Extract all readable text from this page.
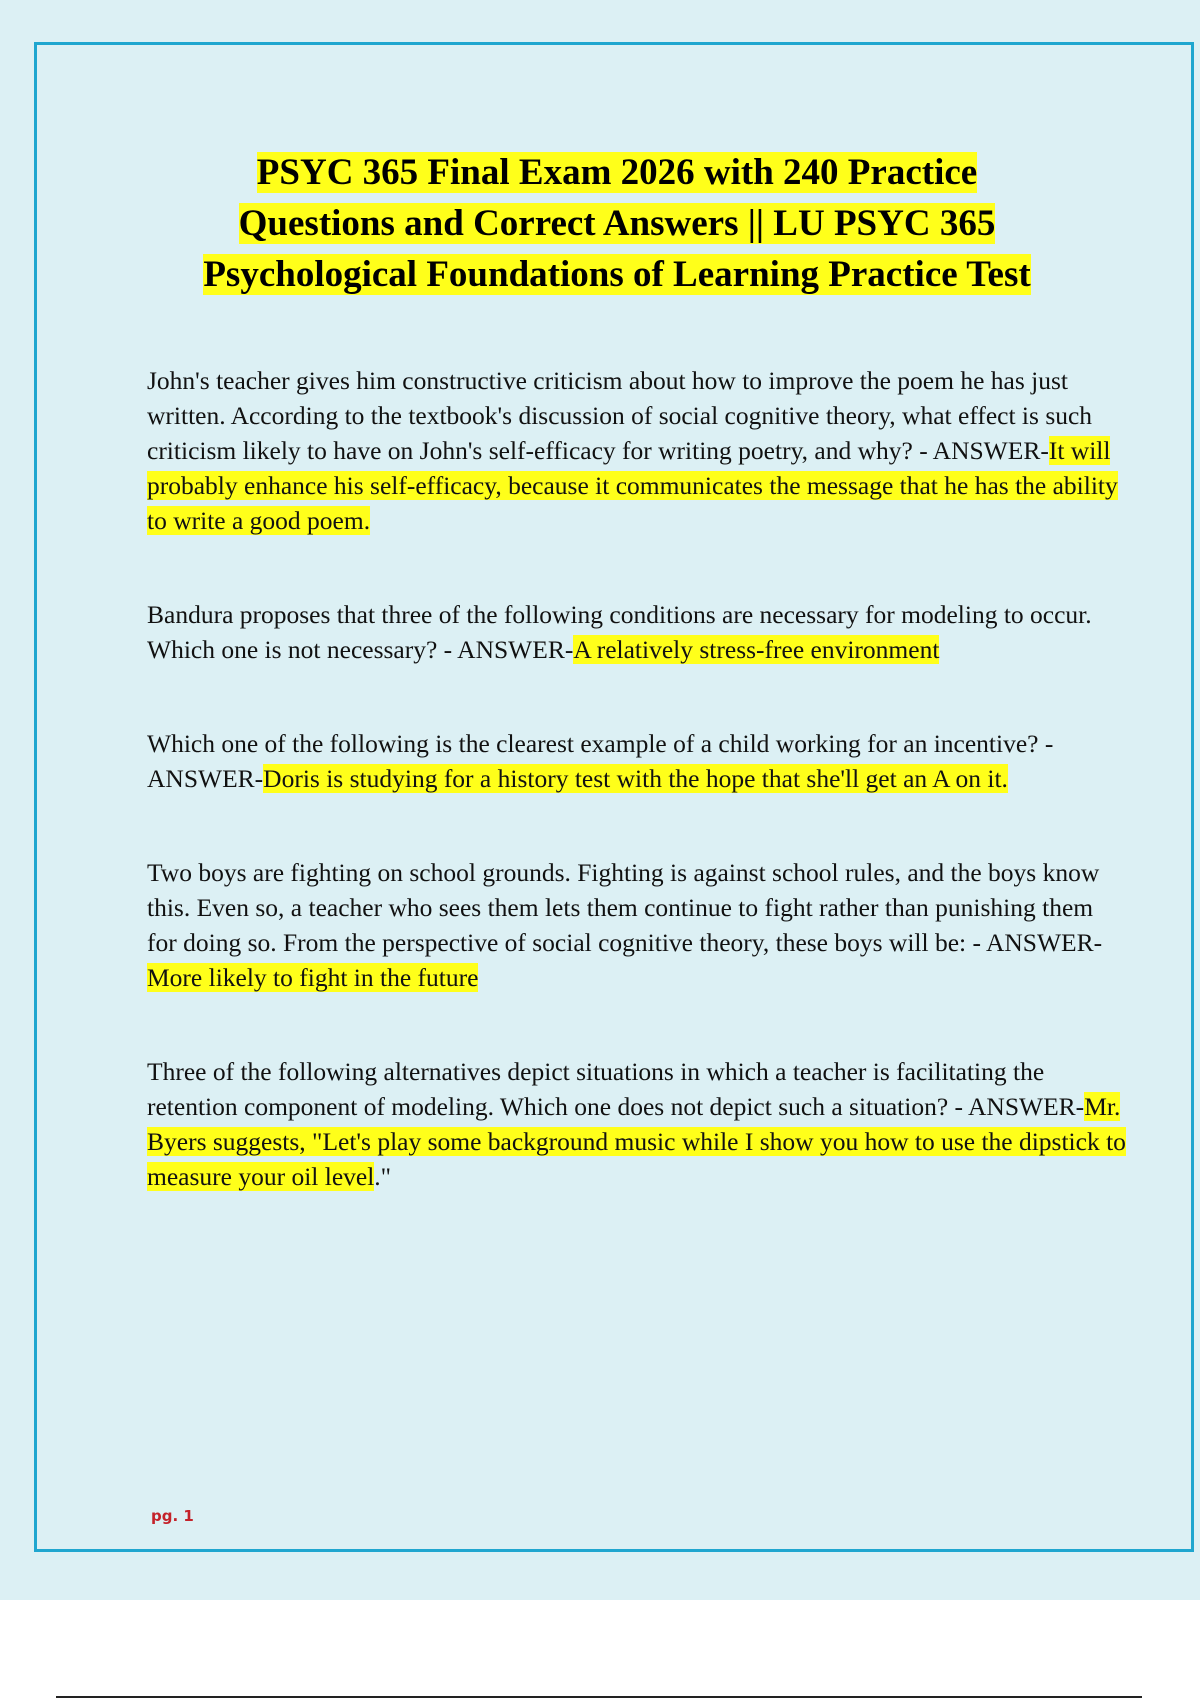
PSYC 365 Final Exam 2026 with 240 Practice
Questions and Correct Answers || LU PSYC 365
Psychological Foundations of Learning Practice Test

John's teacher gives him constructive criticism about how to improve the poem he has just written. According to the textbook's discussion of social cognitive theory, what effect is such criticism likely to have on John's self-efficacy for writing poetry, and why? - ANSWER-It will probably enhance his self-efficacy, because it communicates the message that he has the ability to write a good poem.

Bandura proposes that three of the following conditions are necessary for modeling to occur. Which one is not necessary? - ANSWER-A relatively stress-free environment

Which one of the following is the clearest example of a child working for an incentive? - ANSWER-Doris is studying for a history test with the hope that she'll get an A on it.

Two boys are fighting on school grounds. Fighting is against school rules, and the boys know this. Even so, a teacher who sees them lets them continue to fight rather than punishing them for doing so. From the perspective of social cognitive theory, these boys will be: - ANSWER-More likely to fight in the future

Three of the following alternatives depict situations in which a teacher is facilitating the retention component of modeling. Which one does not depict such a situation? - ANSWER-Mr. Byers suggests, "Let's play some background music while I show you how to use the dipstick to measure your oil level."

pg. 1
